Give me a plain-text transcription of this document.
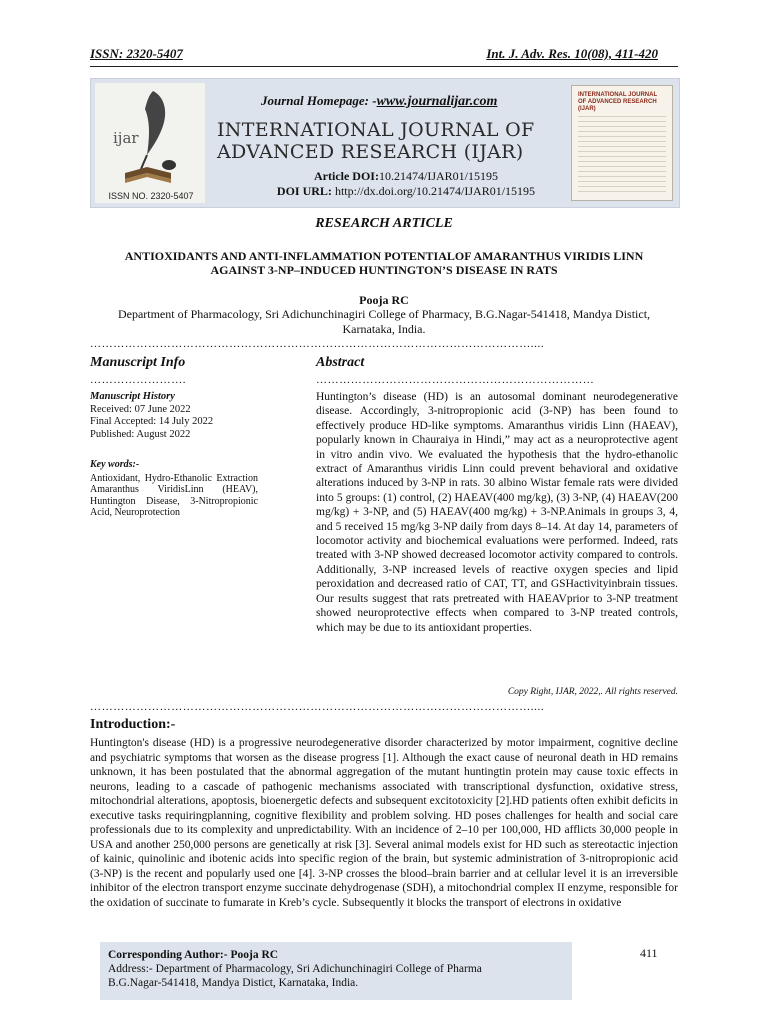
ISSN: 2320-5407	Int. J. Adv. Res. 10(08), 411-420
ijar
ISSN NO. 2320-5407
Journal Homepage: -www.journalijar.com
INTERNATIONAL JOURNAL OF
ADVANCED RESEARCH (IJAR)
Article DOI:10.21474/IJAR01/15195
DOI URL: http://dx.doi.org/10.21474/IJAR01/15195
INTERNATIONAL JOURNAL OF ADVANCED RESEARCH (IJAR)
RESEARCH ARTICLE
ANTIOXIDANTS AND ANTI-INFLAMMATION POTENTIALOF AMARANTHUS VIRIDIS LINN
AGAINST 3-NP–INDUCED HUNTINGTON’S DISEASE IN RATS
Pooja RC
Department of Pharmacology, Sri Adichunchinagiri College of Pharmacy, B.G.Nagar-541418, Mandya Distict,
Karnataka, India.
……………………………………………………………………………………………………....
Manuscript Info
…………………….
Manuscript History
Received: 07 June 2022
Final Accepted: 14 July 2022
Published: August 2022
Key words:-
Antioxidant, Hydro-Ethanolic Extraction Amaranthus ViridisLinn (HEAV), Huntington Disease, 3-Nitropropionic Acid, Neuroprotection
Abstract
………………………………………………………………
Huntington’s disease (HD) is an autosomal dominant neurodegenerative disease. Accordingly, 3-nitropropionic acid (3-NP) has been found to effectively produce HD-like symptoms. Amaranthus viridis Linn (HAEAV), popularly known in Chauraiya in Hindi,” may act as a neuroprotective agent in vitro andin vivo. We evaluated the hypothesis that the hydro-ethanolic extract of Amaranthus viridis Linn could prevent behavioral and oxidative alterations induced by 3-NP in rats. 30 albino Wistar female rats were divided into 5 groups: (1) control, (2) HAEAV(400 mg/kg), (3) 3-NP, (4) HAEAV(200 mg/kg) + 3-NP, and (5) HAEAV(400 mg/kg) + 3-NP.Animals in groups 3, 4, and 5 received 15 mg/kg 3-NP daily from days 8–14. At day 14, parameters of locomotor activity and biochemical evaluations were performed. Indeed, rats treated with 3-NP showed decreased locomotor activity compared to controls. Additionally, 3-NP increased levels of reactive oxygen species and lipid peroxidation and decreased ratio of CAT, TT, and GSHactivityinbrain tissues. Our results suggest that rats pretreated with HAEAVprior to 3-NP treatment showed neuroprotective effects when compared to 3-NP treated controls, which may be due to its antioxidant properties.
Copy Right, IJAR, 2022,. All rights reserved.
……………………………………………………………………………………………………....
Introduction:-
Huntington's disease (HD) is a progressive neurodegenerative disorder characterized by motor impairment, cognitive decline and psychiatric symptoms that worsen as the disease progress [1]. Although the exact cause of neuronal death in HD remains unknown, it has been postulated that the abnormal aggregation of the mutant huntingtin protein may cause toxic effects in neurons, leading to a cascade of pathogenic mechanisms associated with transcriptional dysfunction, oxidative stress, mitochondrial alterations, apoptosis, bioenergetic defects and subsequent excitotoxicity [2].HD patients often exhibit deficits in executive tasks requiringplanning, cognitive flexibility and problem solving. HD poses challenges for health and social care professionals due to its complexity and unpredictability. With an incidence of 2–10 per 100,000, HD afflicts 30,000 people in USA and another 250,000 persons are genetically at risk [3]. Several animal models exist for HD such as stereotactic injection of kainic, quinolinic and ibotenic acids into specific region of the brain, but systemic administration of 3-nitropropionic acid (3-NP) is the recent and popularly used one [4]. 3-NP crosses the blood–brain barrier and at cellular level it is an irreversible inhibitor of the electron transport enzyme succinate dehydrogenase (SDH), a mitochondrial complex II enzyme, responsible for the oxidation of succinate to fumarate in Kreb’s cycle. Subsequently it blocks the transport of electrons in oxidative
Corresponding Author:- Pooja RC
Address:- Department of Pharmacology, Sri Adichunchinagiri College of Pharma
B.G.Nagar-541418, Mandya Distict, Karnataka, India.
411
